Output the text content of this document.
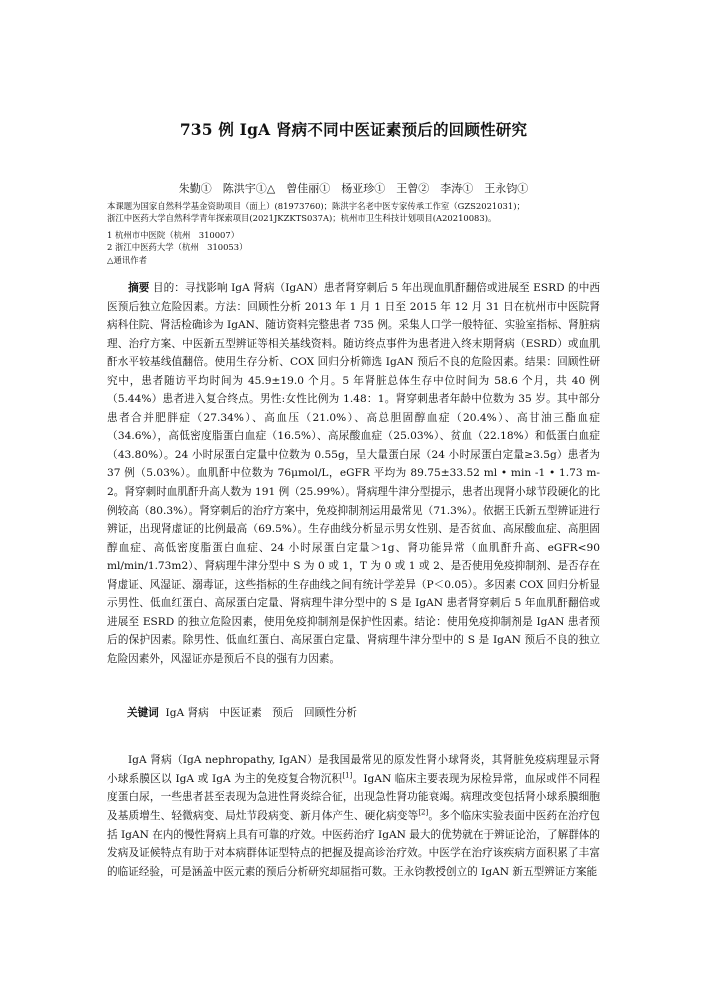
735 例 IgA 肾病不同中医证素预后的回顾性研究
朱勤①　陈洪宇①△　曾佳丽①　杨亚珍①　王曾②　李涛①　王永钧①
本课题为国家自然科学基金资助项目（面上）(81973760)；陈洪宇名老中医专家传承工作室（GZS2021031)；
浙江中医药大学自然科学青年探索项目(2021JKZKTS037A)；杭州市卫生科技计划项目(A20210083)。
1 杭州市中医院（杭州　310007）
2 浙江中医药大学（杭州　310053）
△通讯作者

摘要 目的：寻找影响 IgA 肾病（IgAN）患者肾穿刺后 5 年出现血肌酐翻倍或进展至 ESRD 的中西医预后独立危险因素。方法：回顾性分析 2013 年 1 月 1 日至 2015 年 12 月 31 日在杭州市中医院肾病科住院、肾活检确诊为 IgAN、随访资料完整患者 735 例。采集人口学一般特征、实验室指标、肾脏病理、治疗方案、中医新五型辨证等相关基线资料。随访终点事件为患者进入终末期肾病（ESRD）或血肌酐水平较基线值翻倍。使用生存分析、COX 回归分析筛选 IgAN 预后不良的危险因素。结果：回顾性研究中，患者随访平均时间为 45.9±19.0 个月。5 年肾脏总体生存中位时间为 58.6 个月，共 40 例（5.44%）患者进入复合终点。男性:女性比例为 1.48：1。肾穿刺患者年龄中位数为 35 岁。其中部分患者合并肥胖症（27.34%）、高血压（21.0%）、高总胆固醇血症（20.4%）、高甘油三酯血症（34.6%），高低密度脂蛋白血症（16.5%）、高尿酸血症（25.03%）、贫血（22.18%）和低蛋白血症（43.80%）。24 小时尿蛋白定量中位数为 0.55g，呈大量蛋白尿（24 小时尿蛋白定量≥3.5g）患者为 37 例（5.03%）。血肌酐中位数为 76μmol/L，eGFR 平均为 89.75±33.52 ml • min -1 • 1.73 m-2。肾穿刺时血肌酐升高人数为 191 例（25.99%）。肾病理牛津分型提示，患者出现肾小球节段硬化的比例较高（80.3%）。肾穿刺后的治疗方案中，免疫抑制剂运用最常见（71.3%）。依据王氏新五型辨证进行辨证，出现肾虚证的比例最高（69.5%）。生存曲线分析显示男女性别、是否贫血、高尿酸血症、高胆固醇血症、高低密度脂蛋白血症、24 小时尿蛋白定量＞1g、肾功能异常（血肌酐升高、eGFR<90 ml/min/1.73m2）、肾病理牛津分型中 S 为 0 或 1，T 为 0 或 1 或 2、是否使用免疫抑制剂、是否存在肾虚证、风湿证、溺毒证，这些指标的生存曲线之间有统计学差异（P＜0.05）。多因素 COX 回归分析显示男性、低血红蛋白、高尿蛋白定量、肾病理牛津分型中的 S 是 IgAN 患者肾穿刺后 5 年血肌酐翻倍或进展至 ESRD 的独立危险因素，使用免疫抑制剂是保护性因素。结论：使用免疫抑制剂是 IgAN 患者预后的保护因素。除男性、低血红蛋白、高尿蛋白定量、肾病理牛津分型中的 S 是 IgAN 预后不良的独立危险因素外，风湿证亦是预后不良的强有力因素。

关键词 IgA 肾病　中医证素　预后　回顾性分析

IgA 肾病（IgA nephropathy, IgAN）是我国最常见的原发性肾小球肾炎，其肾脏免疫病理显示肾小球系膜区以 IgA 或 IgA 为主的免疫复合物沉积[1]。IgAN 临床主要表现为尿检异常，血尿或伴不同程度蛋白尿，一些患者甚至表现为急进性肾炎综合征，出现急性肾功能衰竭。病理改变包括肾小球系膜细胞及基质增生、轻微病变、局灶节段病变、新月体产生、硬化病变等[2]。多个临床实验表面中医药在治疗包括 IgAN 在内的慢性肾病上具有可靠的疗效。中医药治疗 IgAN 最大的优势就在于辨证论治，了解群体的发病及证候特点有助于对本病群体证型特点的把握及提高诊治疗效。中医学在治疗该疾病方面积累了丰富的临证经验，可是涵盖中医元素的预后分析研究却屈指可数。王永钧教授创立的 IgAN 新五型辨证方案能
